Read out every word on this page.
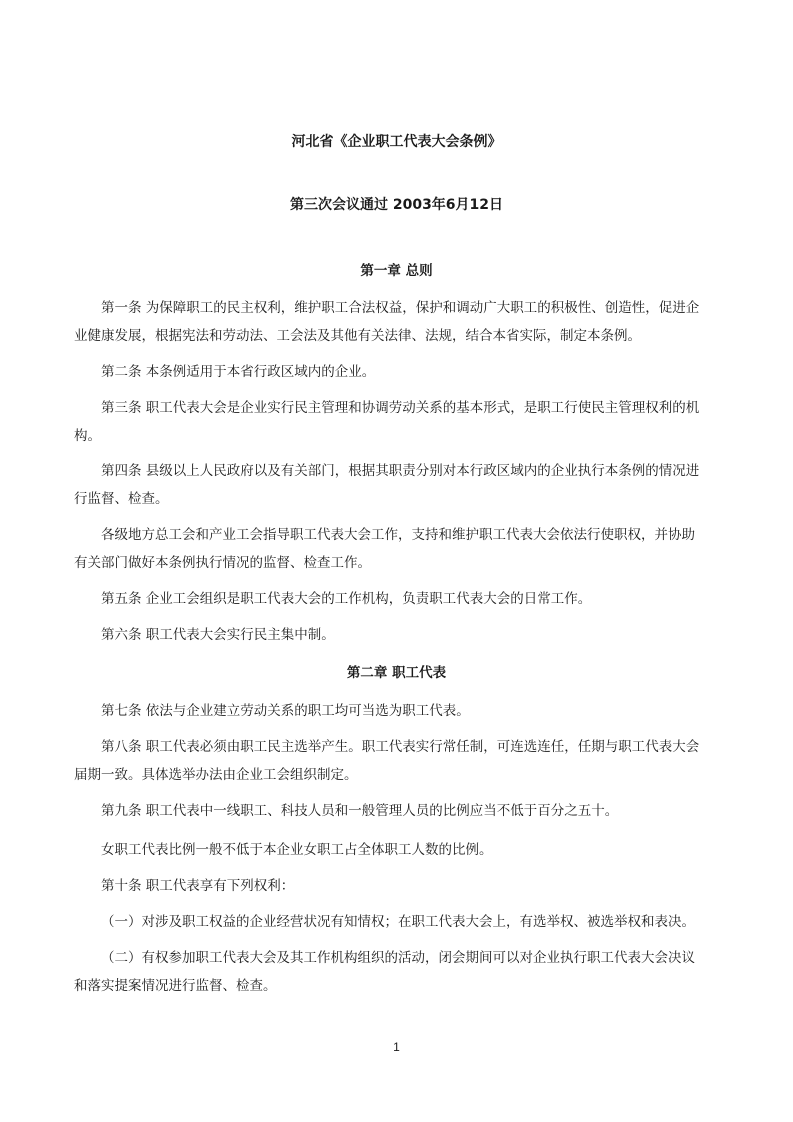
河北省《企业职工代表大会条例》
第三次会议通过 2003年6月12日
第一章 总则
第一条 为保障职工的民主权利，维护职工合法权益，保护和调动广大职工的积极性、创造性，促进企
业健康发展，根据宪法和劳动法、工会法及其他有关法律、法规，结合本省实际，制定本条例。
第二条 本条例适用于本省行政区域内的企业。
第三条 职工代表大会是企业实行民主管理和协调劳动关系的基本形式，是职工行使民主管理权利的机
构。
第四条 县级以上人民政府以及有关部门，根据其职责分别对本行政区域内的企业执行本条例的情况进
行监督、检查。
各级地方总工会和产业工会指导职工代表大会工作，支持和维护职工代表大会依法行使职权，并协助
有关部门做好本条例执行情况的监督、检查工作。
第五条 企业工会组织是职工代表大会的工作机构，负责职工代表大会的日常工作。
第六条 职工代表大会实行民主集中制。
第二章 职工代表
第七条 依法与企业建立劳动关系的职工均可当选为职工代表。
第八条 职工代表必须由职工民主选举产生。职工代表实行常任制，可连选连任，任期与职工代表大会
届期一致。具体选举办法由企业工会组织制定。
第九条 职工代表中一线职工、科技人员和一般管理人员的比例应当不低于百分之五十。
女职工代表比例一般不低于本企业女职工占全体职工人数的比例。
第十条 职工代表享有下列权利：
（一）对涉及职工权益的企业经营状况有知情权；在职工代表大会上，有选举权、被选举权和表决。
（二）有权参加职工代表大会及其工作机构组织的活动，闭会期间可以对企业执行职工代表大会决议
和落实提案情况进行监督、检查。
1
